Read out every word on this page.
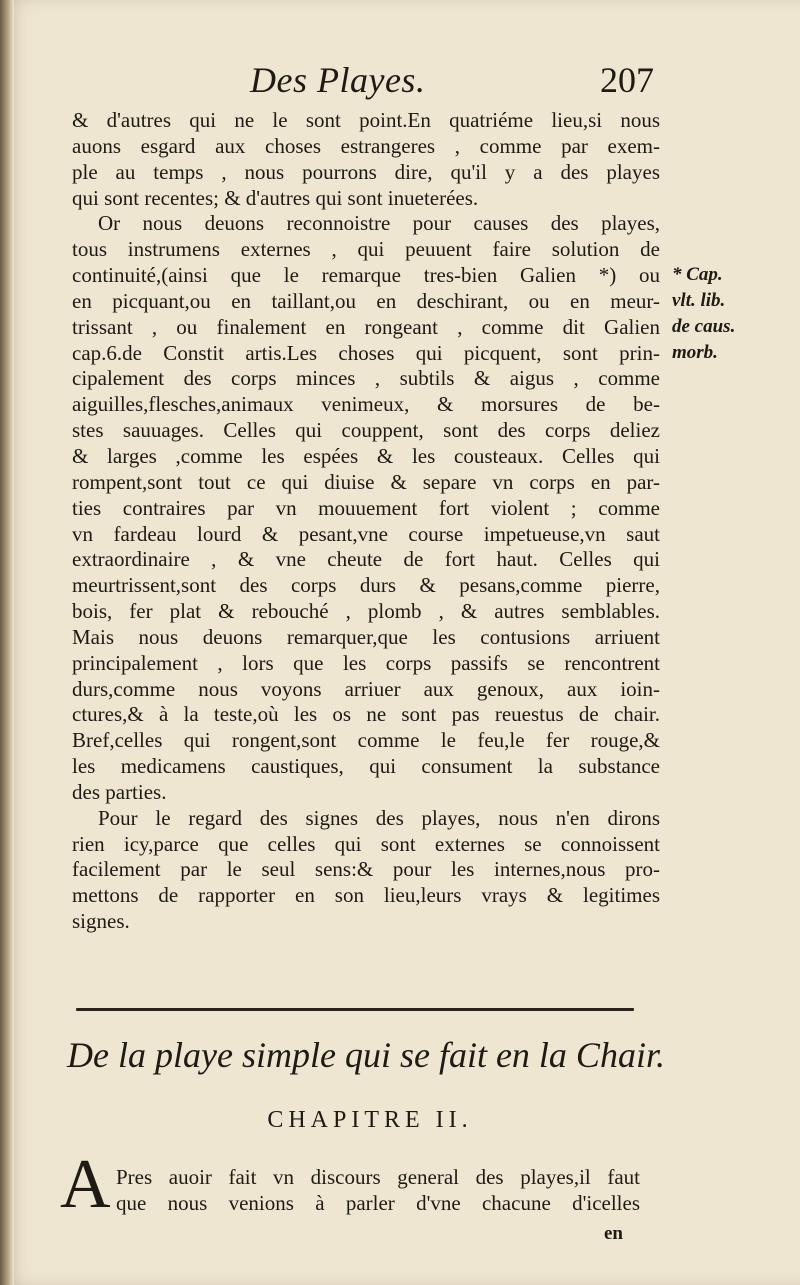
Des Playes.	207
& d'autres qui ne le sont point.En quatriéme lieu,si nous
auons esgard aux choses estrangeres , comme par exem-
ple au temps , nous pourrons dire, qu'il y a des playes
qui sont recentes; & d'autres qui sont inueterées.
Or nous deuons reconnoistre pour causes des playes,
tous instrumens externes , qui peuuent faire solution de
continuité,(ainsi que le remarque tres-bien Galien *) ou
en picquant,ou en taillant,ou en deschirant, ou en meur-
trissant , ou finalement en rongeant , comme dit Galien
cap.6.de Constit artis.Les choses qui picquent, sont prin-
cipalement des corps minces , subtils & aigus , comme
aiguilles,flesches,animaux venimeux, & morsures de be-
stes sauuages. Celles qui couppent, sont des corps deliez
& larges ,comme les espées & les cousteaux. Celles qui
rompent,sont tout ce qui diuise & separe vn corps en par-
ties contraires par vn mouuement fort violent ; comme
vn fardeau lourd & pesant,vne course impetueuse,vn saut
extraordinaire , & vne cheute de fort haut. Celles qui
meurtrissent,sont des corps durs & pesans,comme pierre,
bois, fer plat & rebouché , plomb , & autres semblables.
Mais nous deuons remarquer,que les contusions arriuent
principalement , lors que les corps passifs se rencontrent
durs,comme nous voyons arriuer aux genoux, aux ioin-
ctures,& à la teste,où les os ne sont pas reuestus de chair.
Bref,celles qui rongent,sont comme le feu,le fer rouge,&
les medicamens caustiques, qui consument la substance
des parties.
Pour le regard des signes des playes, nous n'en dirons
rien icy,parce que celles qui sont externes se connoissent
facilement par le seul sens:& pour les internes,nous pro-
mettons de rapporter en son lieu,leurs vrays & legitimes
signes.
* Cap.
vlt. lib.
de caus.
morb.
De la playe simple qui se fait en la Chair.
CHAPITRE II.
A Pres auoir fait vn discours general des playes,il faut
que nous venions à parler d'vne chacune d'icelles
en
